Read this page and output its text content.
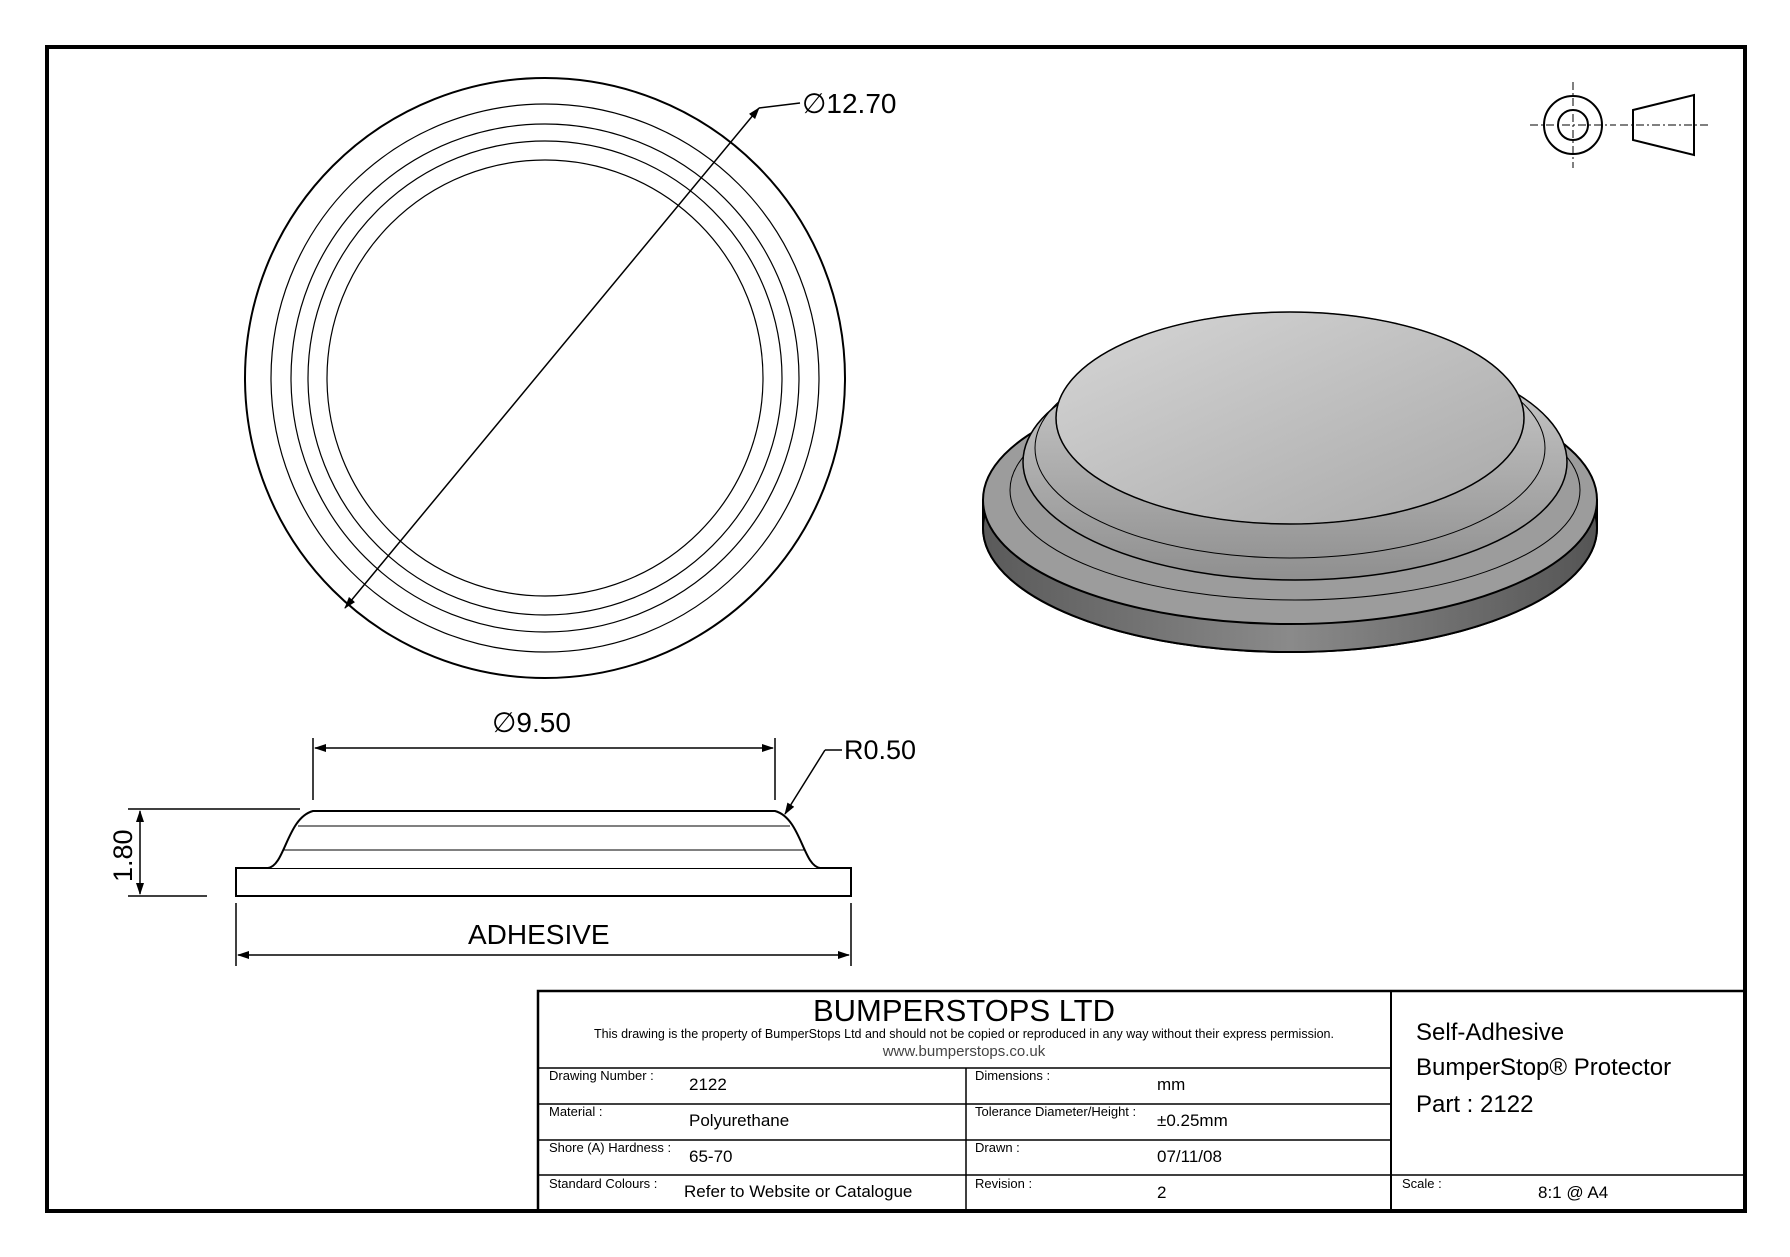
∅12.70
∅9.50
R0.50
1.80
ADHESIVE
BUMPERSTOPS LTD
This drawing is the property of BumperStops Ltd and should not be copied or reproduced in any way without their express permission.
www.bumperstops.co.uk
Drawing Number : 2122	Dimensions :	mm
Material :	Polyurethane	Tolerance Diameter/Height : ±0.25mm
Shore (A) Hardness : 65-70	Drawn :	07/11/08
Standard Colours : Refer to Website or Catalogue	Revision :	2
Self-Adhesive
BumperStop® Protector
Part : 2122
Scale :	8:1 @ A4
